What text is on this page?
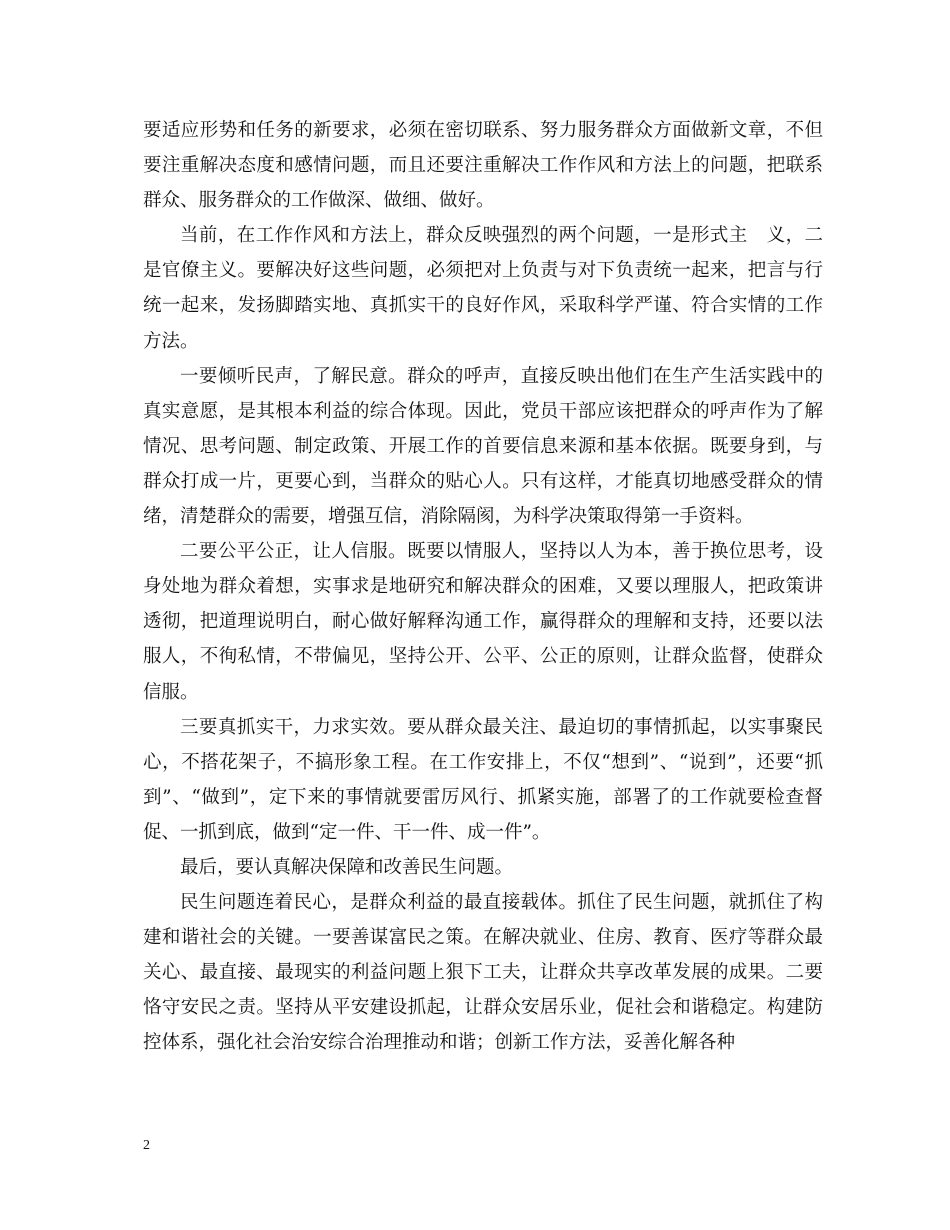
要适应形势和任务的新要求，必须在密切联系、努力服务群众方面做新文章，不但要注重解决态度和感情问题，而且还要注重解决工作作风和方法上的问题，把联系群众、服务群众的工作做深、做细、做好。

当前，在工作作风和方法上，群众反映强烈的两个问题，一是形式主　义，二是官僚主义。要解决好这些问题，必须把对上负责与对下负责统一起来，把言与行统一起来，发扬脚踏实地、真抓实干的良好作风，采取科学严谨、符合实情的工作方法。

一要倾听民声，了解民意。群众的呼声，直接反映出他们在生产生活实践中的真实意愿，是其根本利益的综合体现。因此，党员干部应该把群众的呼声作为了解情况、思考问题、制定政策、开展工作的首要信息来源和基本依据。既要身到，与群众打成一片，更要心到，当群众的贴心人。只有这样，才能真切地感受群众的情绪，清楚群众的需要，增强互信，消除隔阂，为科学决策取得第一手资料。

二要公平公正，让人信服。既要以情服人，坚持以人为本，善于换位思考，设身处地为群众着想，实事求是地研究和解决群众的困难，又要以理服人，把政策讲透彻，把道理说明白，耐心做好解释沟通工作，赢得群众的理解和支持，还要以法服人，不徇私情，不带偏见，坚持公开、公平、公正的原则，让群众监督，使群众信服。

三要真抓实干，力求实效。要从群众最关注、最迫切的事情抓起，以实事聚民心，不搭花架子，不搞形象工程。在工作安排上，不仅“想到”、“说到”，还要“抓到”、“做到”，定下来的事情就要雷厉风行、抓紧实施，部署了的工作就要检查督促、一抓到底，做到“定一件、干一件、成一件”。

最后，要认真解决保障和改善民生问题。

民生问题连着民心，是群众利益的最直接载体。抓住了民生问题，就抓住了构建和谐社会的关键。一要善谋富民之策。在解决就业、住房、教育、医疗等群众最关心、最直接、最现实的利益问题上狠下工夫，让群众共享改革发展的成果。二要恪守安民之责。坚持从平安建设抓起，让群众安居乐业，促社会和谐稳定。构建防控体系，强化社会治安综合治理推动和谐；创新工作方法，妥善化解各种

2
